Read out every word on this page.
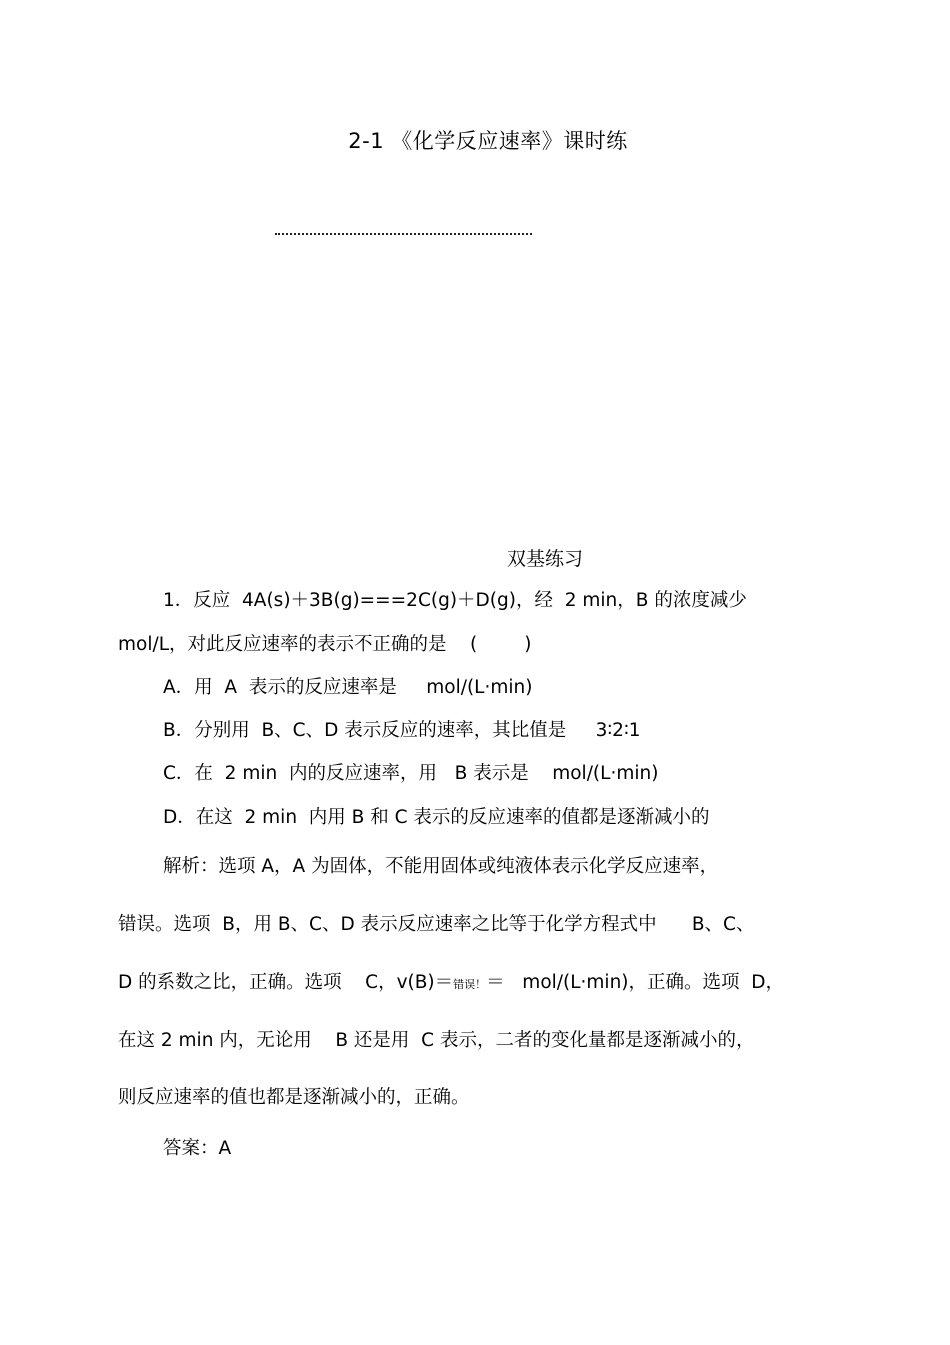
2-1 《化学反应速率》课时练
双基练习
1．反应  4A(s)＋3B(g)===2C(g)＋D(g)，经  2 min，B 的浓度减少
mol/L，对此反应速率的表示不正确的是    (        )
A．用  A  表示的反应速率是     mol/(L·min)
B．分别用  B、C、D 表示反应的速率，其比值是     3∶2∶1
C．在  2 min  内的反应速率，用   B 表示是    mol/(L·min)
D．在这  2 min  内用 B 和 C 表示的反应速率的值都是逐渐减小的
解析：选项 A，A 为固体，不能用固体或纯液体表示化学反应速率，
错误。选项  B，用 B、C、D 表示反应速率之比等于化学方程式中      B、C、
D 的系数之比，正确。选项    C，v(B)＝错误！＝   mol/(L·min)，正确。选项  D，
在这 2 min 内，无论用    B 还是用  C 表示，二者的变化量都是逐渐减小的，
则反应速率的值也都是逐渐减小的，正确。
答案：A
